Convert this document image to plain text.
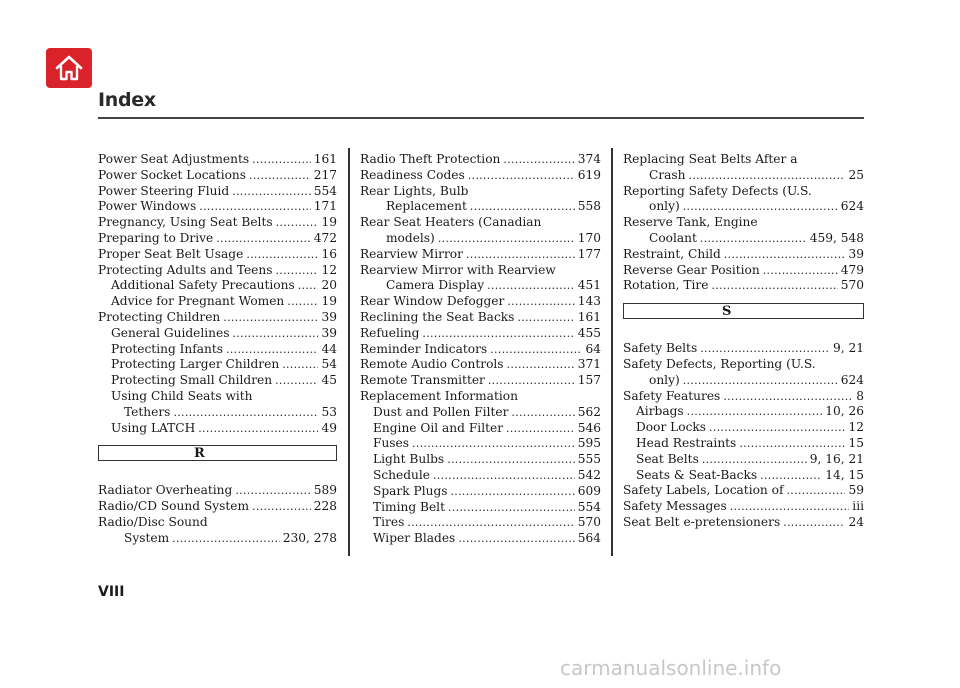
Index
Power Seat Adjustments . . .	161
Power Socket Locations . . .	217
Power Steering Fluid . . .	554
Power Windows . . .	171
Pregnancy, Using Seat Belts . . .	19
Preparing to Drive . . .	472
Proper Seat Belt Usage . . .	16
Protecting Adults and Teens . . .	12
Additional Safety Precautions . . . 20
Advice for Pregnant Women . . .	19
Protecting Children . . .	39
General Guidelines . . .	39
Protecting Infants . . .	44
Protecting Larger Children . . .	54
Protecting Small Children . . .	45
Using Child Seats with
Tethers . . .	53
Using LATCH . . .	49
R
Radiator Overheating . . .	589
Radio/CD Sound System . . .	228
Radio/Disc Sound
System . . .	230, 278
Radio Theft Protection . . .	374
Readiness Codes . . .	619
Rear Lights, Bulb
Replacement . . .	558
Rear Seat Heaters (Canadian
models) . . .	170
Rearview Mirror . . .	177
Rearview Mirror with Rearview
Camera Display . . .	451
Rear Window Defogger . . .	143
Reclining the Seat Backs . . .	161
Refueling . . .	455
Reminder Indicators . . .	64
Remote Audio Controls . . .	371
Remote Transmitter . . .	157
Replacement Information
Dust and Pollen Filter . . .	562
Engine Oil and Filter . . .	546
Fuses . . .	595
Light Bulbs . . .	555
Schedule . . .	542
Spark Plugs . . .	609
Timing Belt . . .	554
Tires . . .	570
Wiper Blades . . .	564
Replacing Seat Belts After a
Crash . . .	25
Reporting Safety Defects (U.S.
only) . . .	624
Reserve Tank, Engine
Coolant . . .	459, 548
Restraint, Child . . .	39
Reverse Gear Position . . .	479
Rotation, Tire . . .	570
S
Safety Belts . . .	9, 21
Safety Defects, Reporting (U.S.
only) . . .	624
Safety Features . . .	8
Airbags . . .	10, 26
Door Locks . . .	12
Head Restraints . . .	15
Seat Belts . . .	9, 16, 21
Seats & Seat-Backs . . .	14, 15
Safety Labels, Location of . . .	59
Safety Messages . . .	iii
Seat Belt e-pretensioners . . .	24
VIII
carmanualsonline.info
